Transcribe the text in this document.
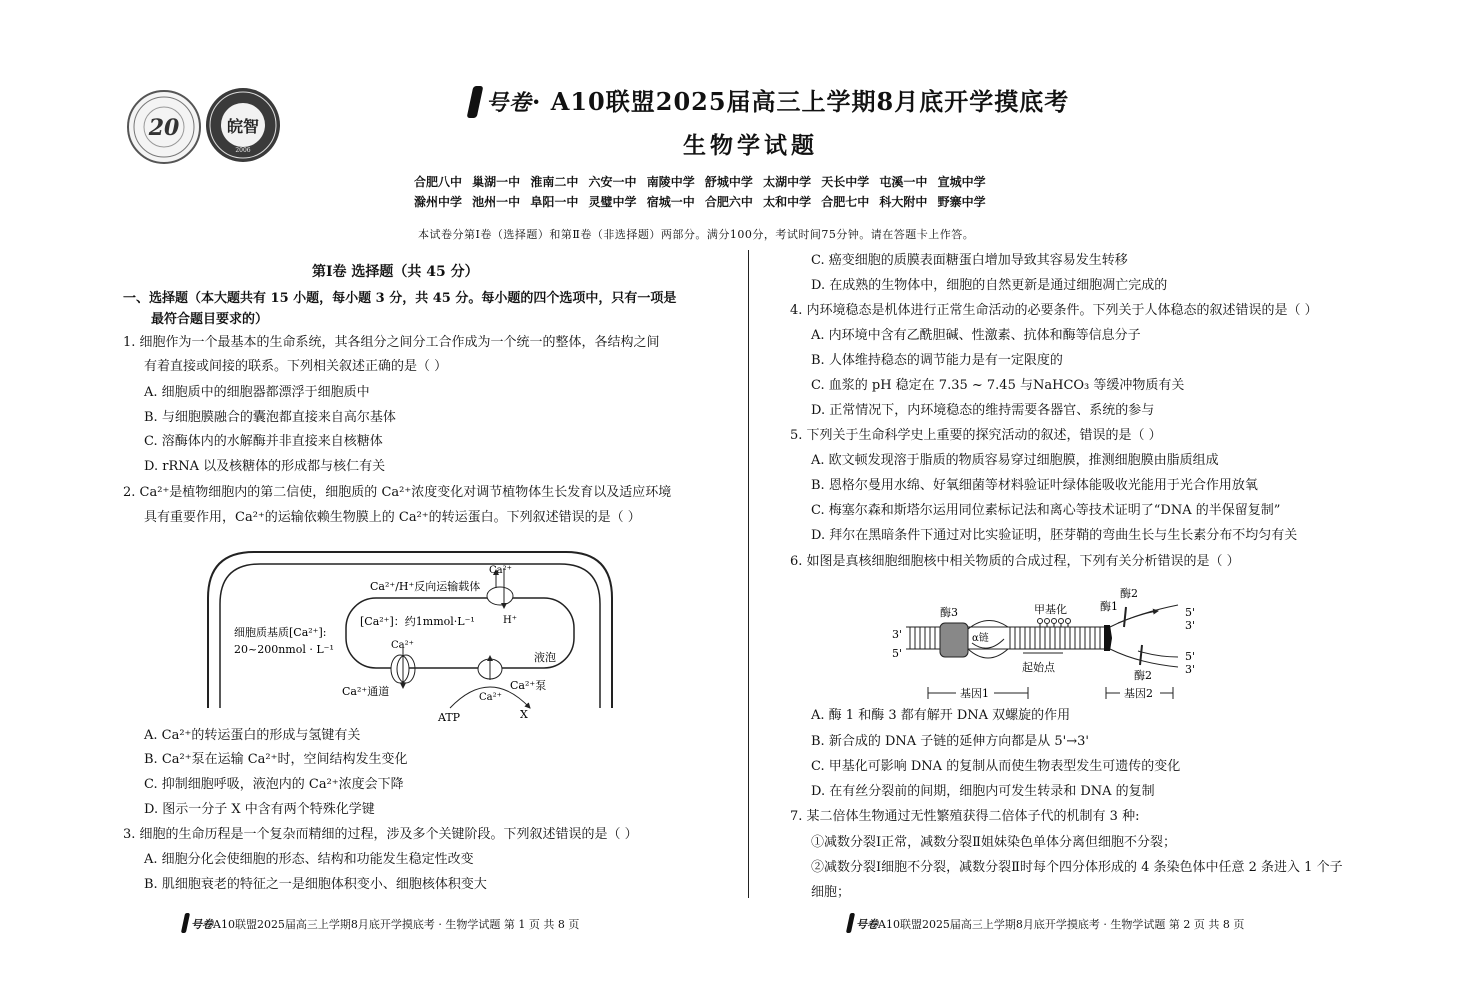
20	皖智
2006
号卷· A10联盟2025届高三上学期8月底开学摸底考
生物学试题
合肥八中 巢湖一中 淮南二中 六安一中 南陵中学 舒城中学 太湖中学 天长中学 屯溪一中 宣城中学
滁州中学 池州一中 阜阳一中 灵璧中学 宿城一中 合肥六中 太和中学 合肥七中 科大附中 野寨中学
本试卷分第Ⅰ卷（选择题）和第Ⅱ卷（非选择题）两部分。满分100分，考试时间75分钟。请在答题卡上作答。
第Ⅰ卷 选择题（共 45 分）
一、选择题（本大题共有 15 小题，每小题 3 分，共 45 分。每小题的四个选项中，只有一项是
最符合题目要求的）
1. 细胞作为一个最基本的生命系统，其各组分之间分工合作成为一个统一的整体，各结构之间
有着直接或间接的联系。下列相关叙述正确的是（ ）
A. 细胞质中的细胞器都漂浮于细胞质中
B. 与细胞膜融合的囊泡都直接来自高尔基体
C. 溶酶体内的水解酶并非直接来自核糖体
D. rRNA 以及核糖体的形成都与核仁有关
2. Ca²⁺是植物细胞内的第二信使，细胞质的 Ca²⁺浓度变化对调节植物体生长发育以及适应环境
具有重要作用，Ca²⁺的运输依赖生物膜上的 Ca²⁺的转运蛋白。下列叙述错误的是（ ）
Ca²⁺/H⁺反向运输载体
Ca²⁺
H⁺
[Ca²⁺]：约1mmol·L⁻¹
细胞质基质[Ca²⁺]:
20~200nmol · L⁻¹	Ca²⁺
液泡
Ca²⁺通道	Ca²⁺泵
Ca²⁺
ATP	X
A. Ca²⁺的转运蛋白的形成与氢键有关
B. Ca²⁺泵在运输 Ca²⁺时，空间结构发生变化
C. 抑制细胞呼吸，液泡内的 Ca²⁺浓度会下降
D. 图示一分子 X 中含有两个特殊化学键
3. 细胞的生命历程是一个复杂而精细的过程，涉及多个关键阶段。下列叙述错误的是（ ）
A. 细胞分化会使细胞的形态、结构和功能发生稳定性改变
B. 肌细胞衰老的特征之一是细胞体积变小、细胞核体积变大
号卷A10联盟2025届高三上学期8月底开学摸底考 · 生物学试题 第 1 页 共 8 页
C. 癌变细胞的质膜表面糖蛋白增加导致其容易发生转移
D. 在成熟的生物体中，细胞的自然更新是通过细胞凋亡完成的
4. 内环境稳态是机体进行正常生命活动的必要条件。下列关于人体稳态的叙述错误的是（ ）
A. 内环境中含有乙酰胆碱、性激素、抗体和酶等信息分子
B. 人体维持稳态的调节能力是有一定限度的
C. 血浆的 pH 稳定在 7.35 ~ 7.45 与NaHCO₃ 等缓冲物质有关
D. 正常情况下，内环境稳态的维持需要各器官、系统的参与
5. 下列关于生命科学史上重要的探究活动的叙述，错误的是（ ）
A. 欧文顿发现溶于脂质的物质容易穿过细胞膜，推测细胞膜由脂质组成
B. 恩格尔曼用水绵、好氧细菌等材料验证叶绿体能吸收光能用于光合作用放氧
C. 梅塞尔森和斯塔尔运用同位素标记法和离心等技术证明了“DNA 的半保留复制”
D. 拜尔在黑暗条件下通过对比实验证明，胚芽鞘的弯曲生长与生长素分布不均匀有关
6. 如图是真核细胞细胞核中相关物质的合成过程，下列有关分析错误的是（ ）
酶3	甲基化	酶1
酶2
酶2
α链
起始点
基因1	基因2
3'
5'
5'
3'
5'
3'
A. 酶 1 和酶 3 都有解开 DNA 双螺旋的作用
B. 新合成的 DNA 子链的延伸方向都是从 5'→3'
C. 甲基化可影响 DNA 的复制从而使生物表型发生可遗传的变化
D. 在有丝分裂前的间期，细胞内可发生转录和 DNA 的复制
7. 某二倍体生物通过无性繁殖获得二倍体子代的机制有 3 种:
①减数分裂Ⅰ正常，减数分裂Ⅱ姐妹染色单体分离但细胞不分裂；
②减数分裂Ⅰ细胞不分裂，减数分裂Ⅱ时每个四分体形成的 4 条染色体中任意 2 条进入 1 个子
细胞；
号卷A10联盟2025届高三上学期8月底开学摸底考 · 生物学试题 第 2 页 共 8 页
